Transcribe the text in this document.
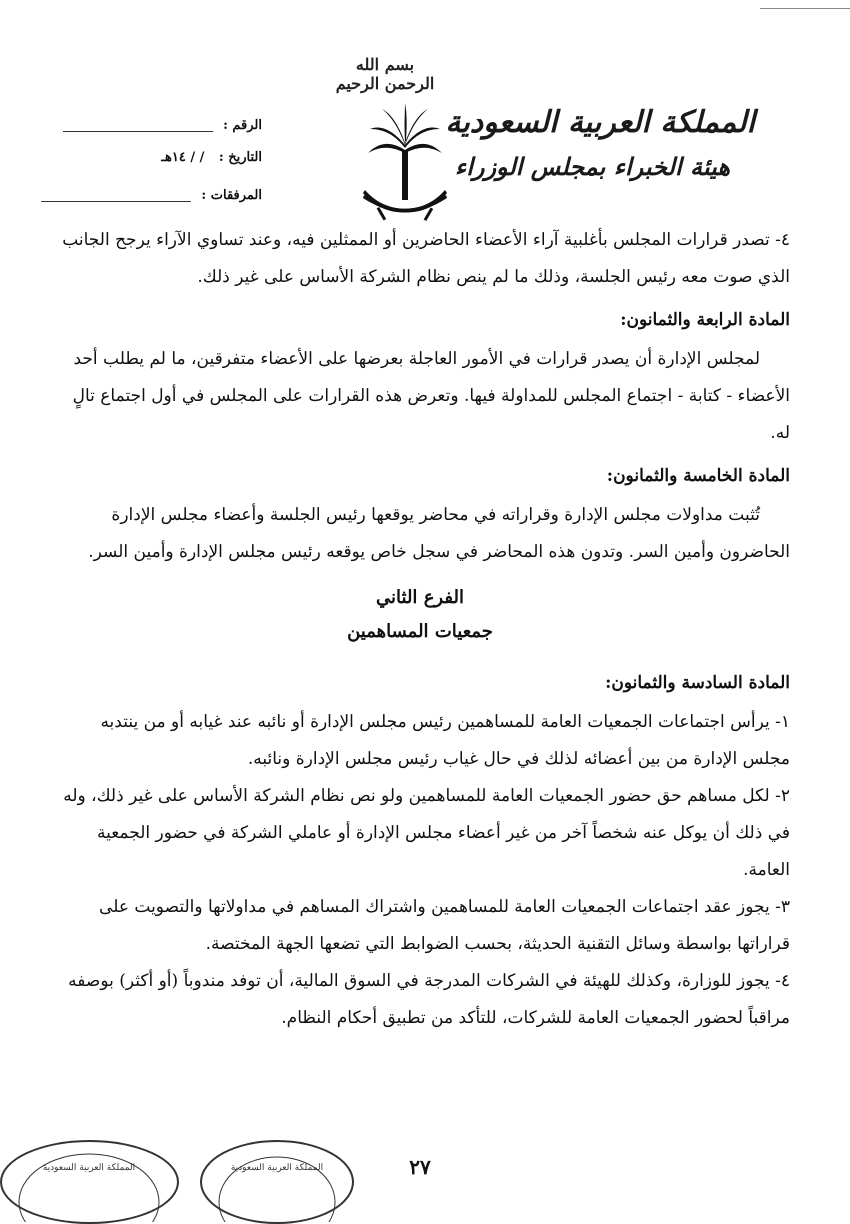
بسم الله الرحمن الرحيم
المملكة العربية السعودية
هيئة الخبراء بمجلس الوزراء
الرقم :
التاريخ : / / ١٤هـ
المرفقات :

٤- تصدر قرارات المجلس بأغلبية آراء الأعضاء الحاضرين أو الممثلين فيه، وعند تساوي الآراء يرجح الجانب الذي صوت معه رئيس الجلسة، وذلك ما لم ينص نظام الشركة الأساس على غير ذلك.

المادة الرابعة والثمانون:

لمجلس الإدارة أن يصدر قرارات في الأمور العاجلة بعرضها على الأعضاء متفرقين، ما لم يطلب أحد الأعضاء - كتابة - اجتماع المجلس للمداولة فيها. وتعرض هذه القرارات على المجلس في أول اجتماع تالٍ له.

المادة الخامسة والثمانون:

تُثبت مداولات مجلس الإدارة وقراراته في محاضر يوقعها رئيس الجلسة وأعضاء مجلس الإدارة الحاضرون وأمين السر. وتدون هذه المحاضر في سجل خاص يوقعه رئيس مجلس الإدارة وأمين السر.

الفرع الثاني

جمعيات المساهمين

المادة السادسة والثمانون:

١- يرأس اجتماعات الجمعيات العامة للمساهمين رئيس مجلس الإدارة أو نائبه عند غيابه أو من ينتدبه مجلس الإدارة من بين أعضائه لذلك في حال غياب رئيس مجلس الإدارة ونائبه.

٢- لكل مساهم حق حضور الجمعيات العامة للمساهمين ولو نص نظام الشركة الأساس على غير ذلك، وله في ذلك أن يوكل عنه شخصاً آخر من غير أعضاء مجلس الإدارة أو عاملي الشركة في حضور الجمعية العامة.

٣- يجوز عقد اجتماعات الجمعيات العامة للمساهمين واشتراك المساهم في مداولاتها والتصويت على قراراتها بواسطة وسائل التقنية الحديثة، بحسب الضوابط التي تضعها الجهة المختصة.

٤- يجوز للوزارة، وكذلك للهيئة في الشركات المدرجة في السوق المالية، أن توفد مندوباً (أو أكثر) بوصفه مراقباً لحضور الجمعيات العامة للشركات، للتأكد من تطبيق أحكام النظام.

٢٧
المملكة العربية السعودية	المملكة العربية السعودية
